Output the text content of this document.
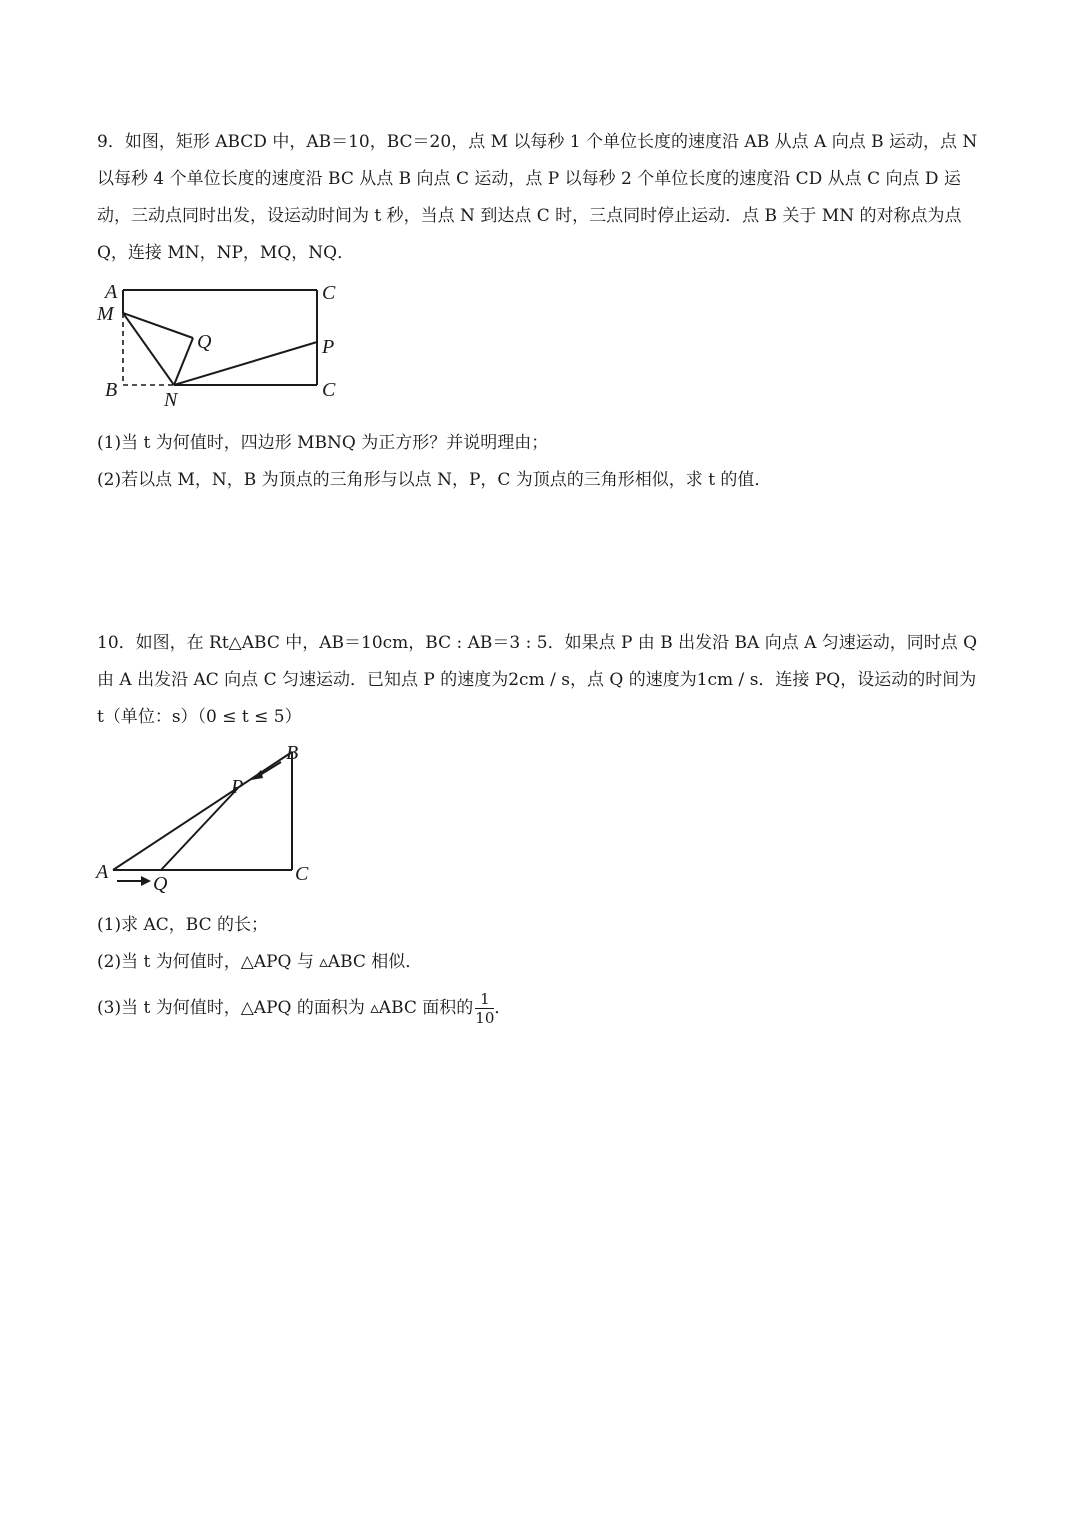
9．如图，矩形 ABCD 中，AB＝10，BC＝20，点 M 以每秒 1 个单位长度的速度沿 AB 从点 A 向点 B 运动，点 N 以每秒 4 个单位长度的速度沿 BC 从点 B 向点 C 运动，点 P 以每秒 2 个单位长度的速度沿 CD 从点 C 向点 D 运动，三动点同时出发，设运动时间为 t 秒，当点 N 到达点 C 时，三点同时停止运动．点 B 关于 MN 的对称点为点 Q，连接 MN，NP，MQ，NQ．

A
M
Q
B N
C
P
C

(1)当 t 为何值时，四边形 MBNQ 为正方形？并说明理由；

(2)若以点 M，N，B 为顶点的三角形与以点 N，P，C 为顶点的三角形相似，求 t 的值．

10．如图，在 Rt△ABC 中，AB＝10cm，BC : AB＝3 : 5．如果点 P 由 B 出发沿 BA 向点 A 匀速运动，同时点 Q 由 A 出发沿 AC 向点 C 匀速运动．已知点 P 的速度为2cm / s，点 Q 的速度为1cm / s．连接 PQ，设运动的时间为 t（单位：s）（0 ≤ t ≤ 5）

A
B
C
P
Q

(1)求 AC，BC 的长；

(2)当 t 为何值时，△APQ 与 ▵ABC 相似．

(3)当 t 为何值时，△APQ 的面积为 ▵ABC 面积的 $\frac{1}{10}$ ．
